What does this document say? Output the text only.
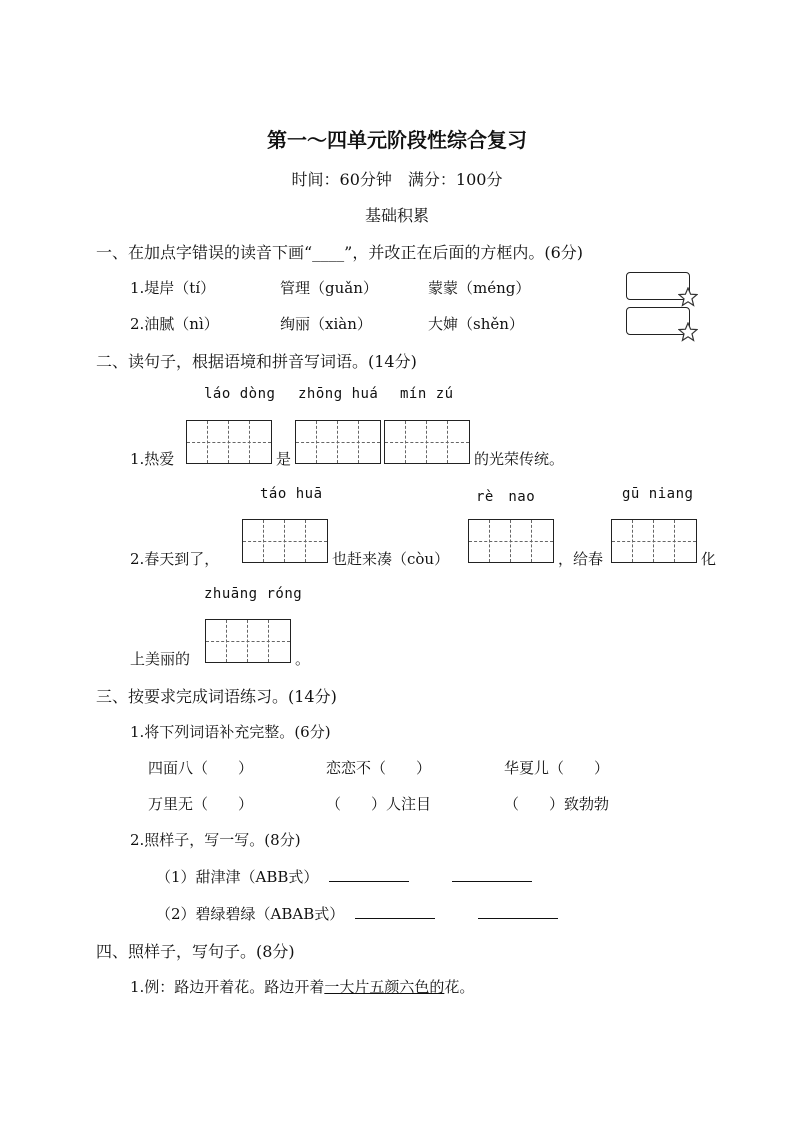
第一～四单元阶段性综合复习
时间：60分钟　满分：100分
基础积累
一、在加点字错误的读音下画“____”，并改正在后面的方框内。(6分)
1.堤岸（tí）	管理（guǎn）	蒙蒙（méng）
2.油腻（nì）	绚丽（xiàn）	大婶（shěn）
二、读句子，根据语境和拼音写词语。(14分)
láo dòng zhōng huá mín zú
1.热爱	是	的光荣传统。
táo huā	rè　nao	gū niang
2.春天到了，	也赶来凑（còu）	，给春	化
zhuāng róng
上美丽的	。
三、按要求完成词语练习。(14分)
1.将下列词语补充完整。(6分)
四面八（　　）	恋恋不（　　）	华夏儿（　　）
万里无（　　）	（　　）人注目	（　　）致勃勃
2.照样子，写一写。(8分)
（1）甜津津（ABB式）
（2）碧绿碧绿（ABAB式）
四、照样子，写句子。(8分)
1.例：路边开着花。路边开着一大片五颜六色的花。
